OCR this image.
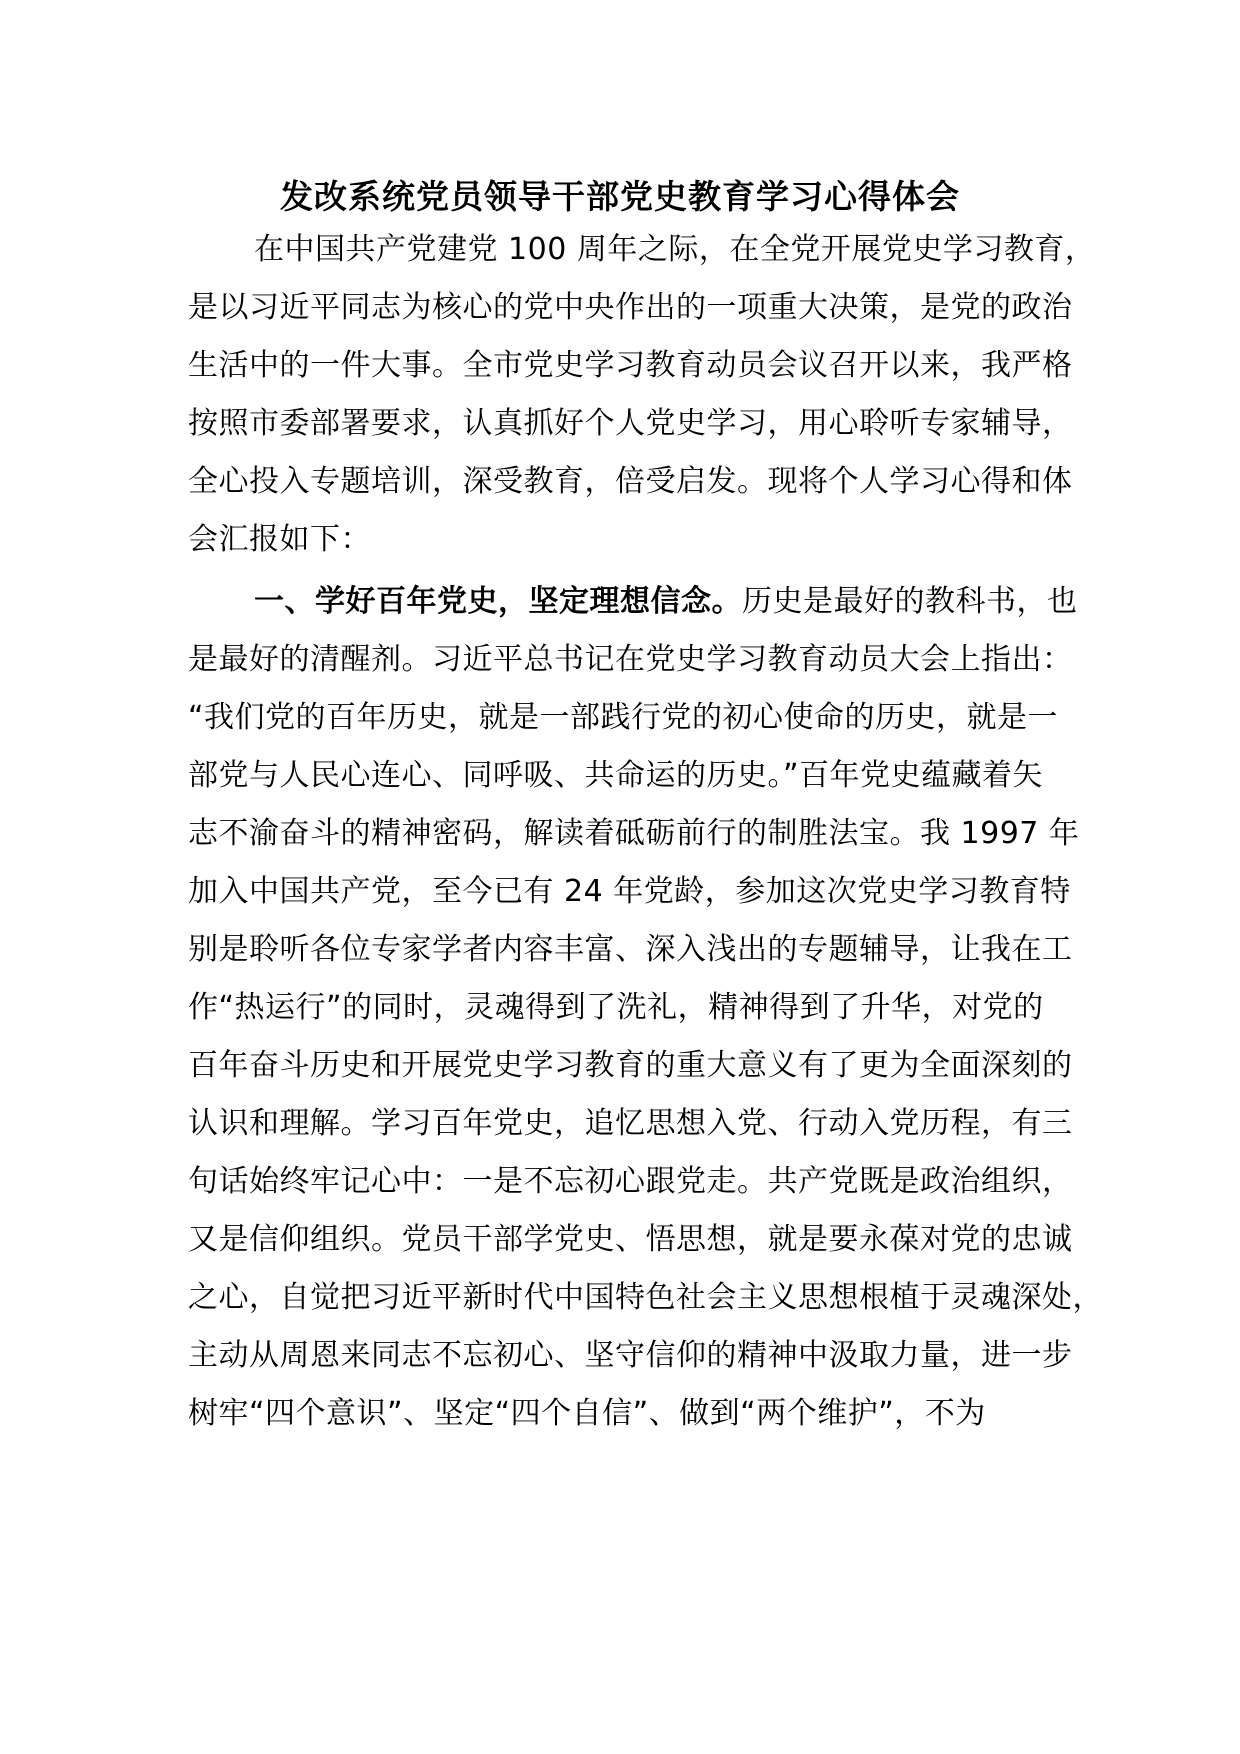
发改系统党员领导干部党史教育学习心得体会
在中国共产党建党 100 周年之际，在全党开展党史学习教育，
是以习近平同志为核心的党中央作出的一项重大决策，是党的政治
生活中的一件大事。全市党史学习教育动员会议召开以来，我严格
按照市委部署要求，认真抓好个人党史学习，用心聆听专家辅导，
全心投入专题培训，深受教育，倍受启发。现将个人学习心得和体
会汇报如下：
一、学好百年党史，坚定理想信念。历史是最好的教科书，也
是最好的清醒剂。习近平总书记在党史学习教育动员大会上指出：
“我们党的百年历史，就是一部践行党的初心使命的历史，就是一
部党与人民心连心、同呼吸、共命运的历史。”百年党史蕴藏着矢
志不渝奋斗的精神密码，解读着砥砺前行的制胜法宝。我 1997 年
加入中国共产党，至今已有 24 年党龄，参加这次党史学习教育特
别是聆听各位专家学者内容丰富、深入浅出的专题辅导，让我在工
作“热运行”的同时，灵魂得到了洗礼，精神得到了升华，对党的
百年奋斗历史和开展党史学习教育的重大意义有了更为全面深刻的
认识和理解。学习百年党史，追忆思想入党、行动入党历程，有三
句话始终牢记心中：一是不忘初心跟党走。共产党既是政治组织，
又是信仰组织。党员干部学党史、悟思想，就是要永葆对党的忠诚
之心，自觉把习近平新时代中国特色社会主义思想根植于灵魂深处，
主动从周恩来同志不忘初心、坚守信仰的精神中汲取力量，进一步
树牢“四个意识”、坚定“四个自信”、做到“两个维护”，不为
